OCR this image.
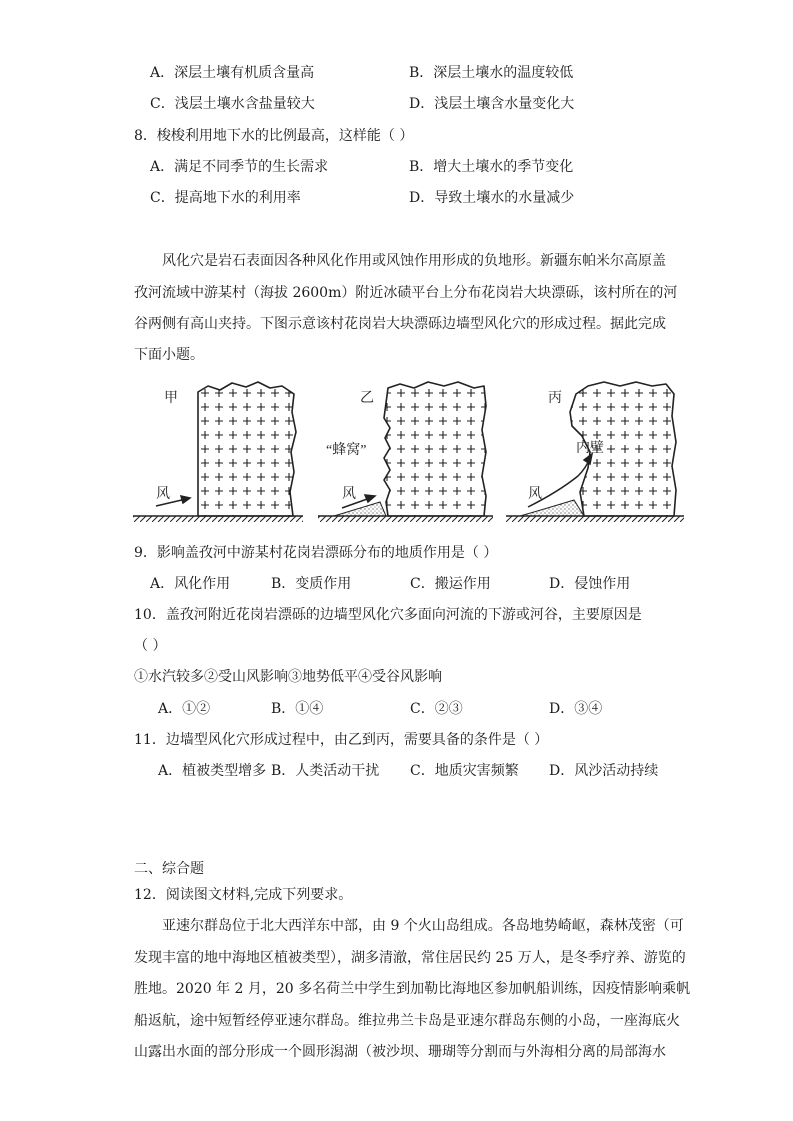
A．深层土壤有机质含量高	B．深层土壤水的温度较低
C．浅层土壤水含盐量较大	D．浅层土壤含水量变化大
8．梭梭利用地下水的比例最高，这样能（ ）
A．满足不同季节的生长需求	B．增大土壤水的季节变化
C．提高地下水的利用率	D．导致土壤水的水量减少
风化穴是岩石表面因各种风化作用或风蚀作用形成的负地形。新疆东帕米尔高原盖
孜河流域中游某村（海拔 2600m）附近冰碛平台上分布花岗岩大块漂砾，该村所在的河
谷两侧有高山夹持。下图示意该村花岗岩大块漂砾边墙型风化穴的形成过程。据此完成
下面小题。
甲	乙	丙
风	风	风
“蜂窝”	内壁
9．影响盖孜河中游某村花岗岩漂砾分布的地质作用是（ ）
A．风化作用	B．变质作用	C．搬运作用	D．侵蚀作用
10．盖孜河附近花岗岩漂砾的边墙型风化穴多面向河流的下游或河谷，主要原因是
（ ）
①水汽较多②受山风影响③地势低平④受谷风影响
A．①②	B．①④	C．②③	D．③④
11．边墙型风化穴形成过程中，由乙到丙，需要具备的条件是（ ）
A．植被类型增多 B．人类活动干扰 C．地质灾害频繁 D．风沙活动持续
二、综合题
12．阅读图文材料,完成下列要求。
亚速尔群岛位于北大西洋东中部，由 9 个火山岛组成。各岛地势崎岖，森林茂密（可
发现丰富的地中海地区植被类型），湖多清澈，常住居民约 25 万人，是冬季疗养、游览的
胜地。2020 年 2 月，20 多名荷兰中学生到加勒比海地区参加帆船训练，因疫情影响乘帆
船返航，途中短暂经停亚速尔群岛。维拉弗兰卡岛是亚速尔群岛东侧的小岛，一座海底火
山露出水面的部分形成一个圆形潟湖（被沙坝、珊瑚等分割而与外海相分离的局部海水
